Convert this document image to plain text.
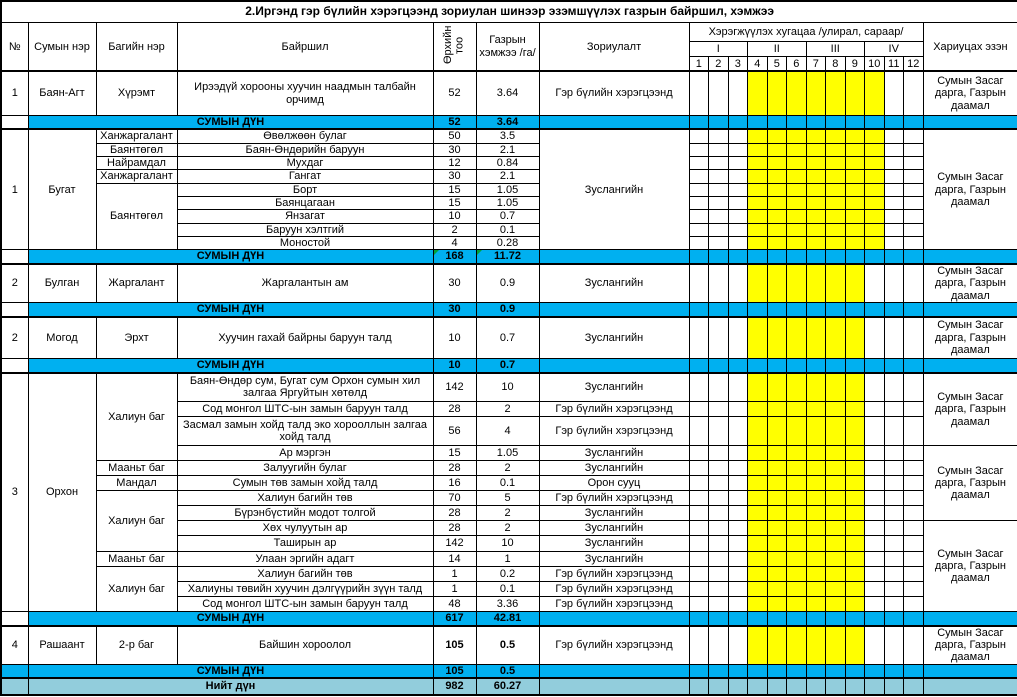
2.Иргэнд гэр бүлийн хэрэгцээнд зориулан шинээр эзэмшүүлэх газрын байршил, хэмжээ																			
№	Сумын нэр	Багийн нэр	Байршил	Өрхийн тоо	Газрын хэмжээ /га/	Зориулалт	Хэрэгжүүлэх хугацаа /улирал, сараар/												Хариуцах эзэн
							I			II			III			IV			
							1	2	3	4	5	6	7	8	9	10	11	12	
1	Баян-Агт	Хүрэмт	Ирээдүй хорооны хуучин наадмын талбайн орчимд	52	3.64	Гэр бүлийн хэрэгцээнд													Сумын Засаг дарга, Газрын даамал
	СУМЫН ДҮН			52	3.64														
1	Бугат	Ханжаргалант	Өвөлжөөн булаг	50	3.5	Зуслангийн													Сумын Засаг дарга, Газрын даамал
		Баянтөгөл	Баян-Өндөрийн баруун	30	2.1														
		Найрамдал	Мухдаг	12	0.84														
		Ханжаргалант	Гангат	30	2.1														
		Баянтөгөл	Борт	15	1.05														
			Баянцагаан	15	1.05														
			Янзагат	10	0.7														
			Баруун хэлтгий	2	0.1														
			Моностой	4	0.28														
	СУМЫН ДҮН			168	11.72

2	Булган	Жаргалант	Жаргалантын ам	30	0.9	Зуслангийн													Сумын Засаг дарга, Газрын даамал
	СУМЫН ДҮН			30	0.9														
2	Могод	Эрхт	Хуучин гахай байрны баруун талд	10	0.7	Зуслангийн													Сумын Засаг дарга, Газрын даамал
	СУМЫН ДҮН			10	0.7														
3	Орхон	Халиун баг	Баян-Өндөр сум, Бугат сум Орхон сумын хил залгаа Яргуйтын хөтөлд	142	10	Зуслангийн													Сумын Засаг дарга, Газрын даамал
			Сод монгол ШТС-ын замын баруун талд	28	2	Гэр бүлийн хэрэгцээнд													
			Засмал замын хойд талд эко хорооллын залгаа хойд талд	56	4	Гэр бүлийн хэрэгцээнд													
			Ар мэргэн	15	1.05	Зуслангийн													Сумын Засаг дарга, Газрын даамал
		Мааньт баг	Залуугийн булаг	28	2	Зуслангийн													
		Мандал	Сумын төв замын хойд талд	16	0.1	Орон сууц													
		Халиун баг	Халиун багийн төв	70	5	Гэр бүлийн хэрэгцээнд													
			Бүрэнбүстийн модот толгой	28	2	Зуслангийн													
			Хөх чулуутын ар	28	2	Зуслангийн													Сумын Засаг дарга, Газрын даамал
			Таширын ар	142	10	Зуслангийн													
		Мааньт баг	Улаан эргийн адагт	14	1	Зуслангийн													
		Халиун баг	Халиун багийн төв	1	0.2	Гэр бүлийн хэрэгцээнд													
			Халиуны төвийн хуучин дэлгүүрийн зүүн талд	1	0.1	Гэр бүлийн хэрэгцээнд													
			Сод монгол ШТС-ын замын баруун талд	48	3.36	Гэр бүлийн хэрэгцээнд													
	СУМЫН ДҮН			617	42.81														
4	Рашаант	2-р баг	Байшин хороолол	105	0.5	Гэр бүлийн хэрэгцээнд													Сумын Засаг дарга, Газрын даамал
	СУМЫН ДҮН			105	0.5														
	Нийт дүн			982	60.27														
